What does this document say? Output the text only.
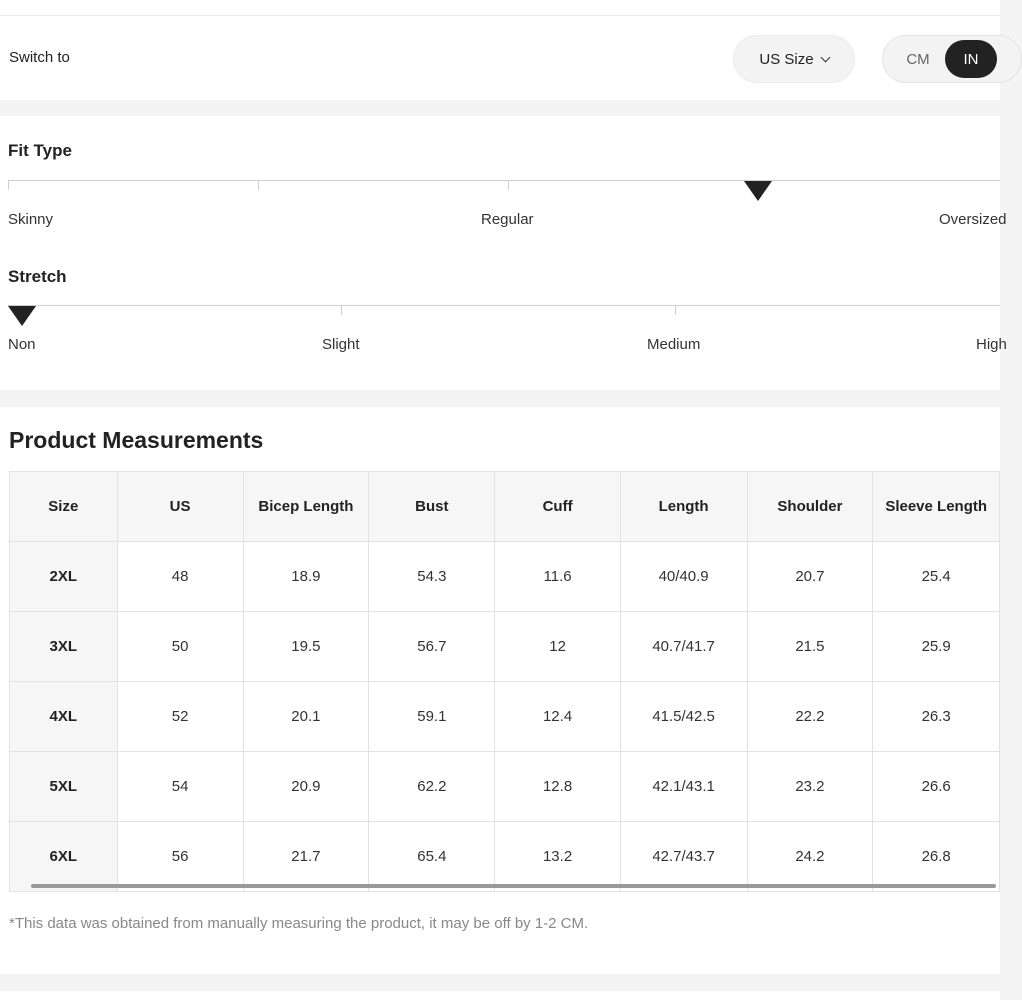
Switch to	US Size	CM	IN
Fit Type
Skinny	Regular	Oversized
Stretch
Non	Slight	Medium	High
Product Measurements
Size	US	Bicep Length	Bust	Cuff	Length	Shoulder	Sleeve Length
2XL	48	18.9	54.3	11.6	40/40.9	20.7	25.4
3XL	50	19.5	56.7	12	40.7/41.7	21.5	25.9
4XL	52	20.1	59.1	12.4	41.5/42.5	22.2	26.3
5XL	54	20.9	62.2	12.8	42.1/43.1	23.2	26.6
6XL	56	21.7	65.4	13.2	42.7/43.7	24.2	26.8
*This data was obtained from manually measuring the product, it may be off by 1-2 CM.
